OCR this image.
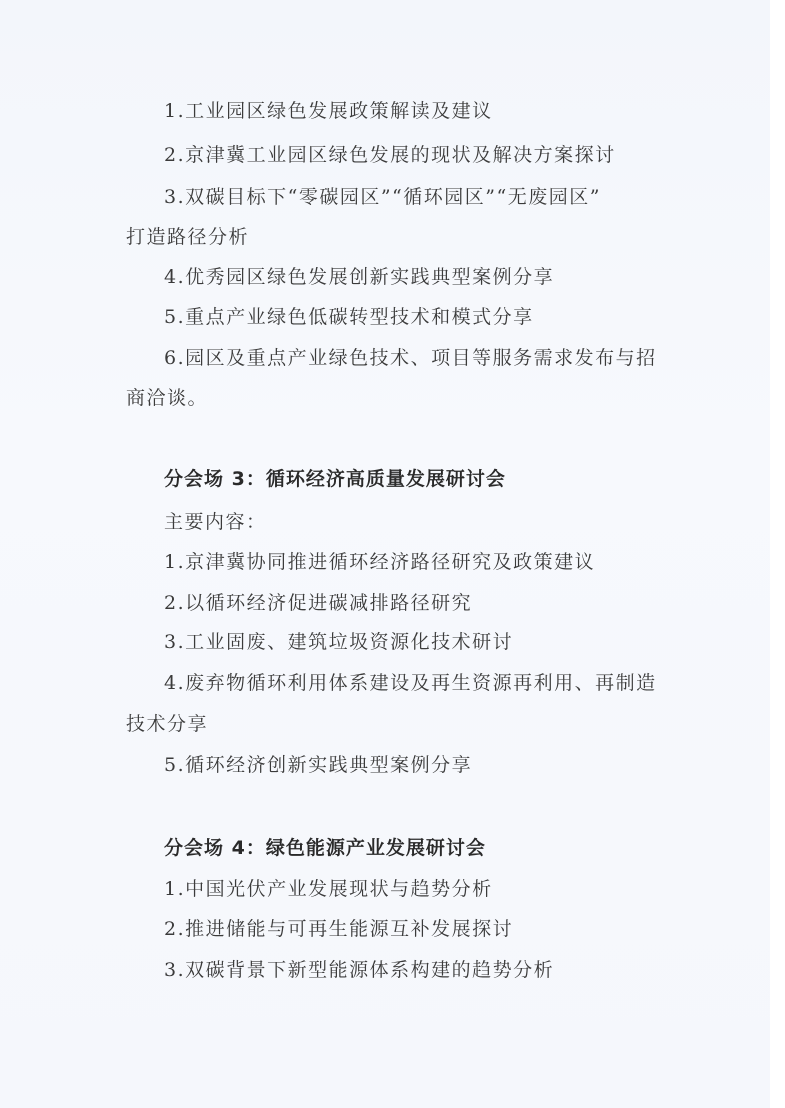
1.工业园区绿色发展政策解读及建议

2.京津冀工业园区绿色发展的现状及解决方案探讨

3.双碳目标下“零碳园区”“循环园区”“无废园区”

打造路径分析

4.优秀园区绿色发展创新实践典型案例分享

5.重点产业绿色低碳转型技术和模式分享

6.园区及重点产业绿色技术、项目等服务需求发布与招

商洽谈。

分会场 3：循环经济高质量发展研讨会

主要内容：

1.京津冀协同推进循环经济路径研究及政策建议

2.以循环经济促进碳减排路径研究

3.工业固废、建筑垃圾资源化技术研讨

4.废弃物循环利用体系建设及再生资源再利用、再制造

技术分享

5.循环经济创新实践典型案例分享

分会场 4：绿色能源产业发展研讨会

1.中国光伏产业发展现状与趋势分析

2.推进储能与可再生能源互补发展探讨

3.双碳背景下新型能源体系构建的趋势分析
